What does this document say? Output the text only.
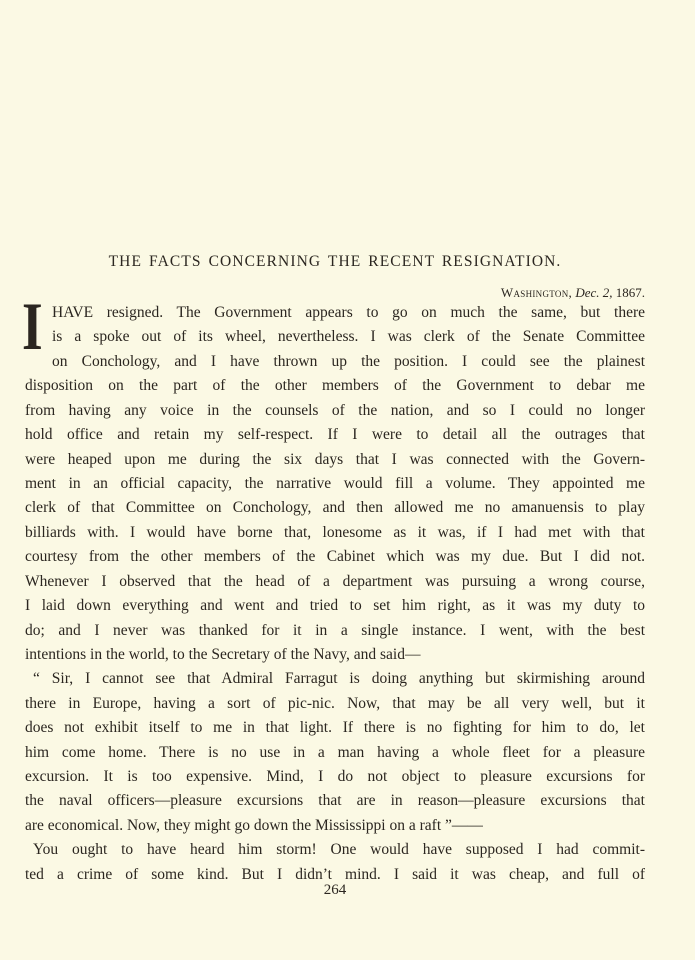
THE FACTS CONCERNING THE RECENT RESIGNATION.
Washington, Dec. 2, 1867.
I HAVE resigned. The Government appears to go on much the same, but there
is a spoke out of its wheel, nevertheless. I was clerk of the Senate Committee
on Conchology, and I have thrown up the position. I could see the plainest
disposition on the part of the other members of the Government to debar me
from having any voice in the counsels of the nation, and so I could no longer
hold office and retain my self-respect. If I were to detail all the outrages that
were heaped upon me during the six days that I was connected with the Govern-
ment in an official capacity, the narrative would fill a volume. They appointed me
clerk of that Committee on Conchology, and then allowed me no amanuensis to play
billiards with. I would have borne that, lonesome as it was, if I had met with that
courtesy from the other members of the Cabinet which was my due. But I did not.
Whenever I observed that the head of a department was pursuing a wrong course,
I laid down everything and went and tried to set him right, as it was my duty to
do; and I never was thanked for it in a single instance. I went, with the best
intentions in the world, to the Secretary of the Navy, and said—
“ Sir, I cannot see that Admiral Farragut is doing anything but skirmishing around
there in Europe, having a sort of pic-nic. Now, that may be all very well, but it
does not exhibit itself to me in that light. If there is no fighting for him to do, let
him come home. There is no use in a man having a whole fleet for a pleasure
excursion. It is too expensive. Mind, I do not object to pleasure excursions for
the naval officers—pleasure excursions that are in reason—pleasure excursions that
are economical. Now, they might go down the Mississippi on a raft ”——
You ought to have heard him storm! One would have supposed I had commit-
ted a crime of some kind. But I didn’t mind. I said it was cheap, and full of
264
